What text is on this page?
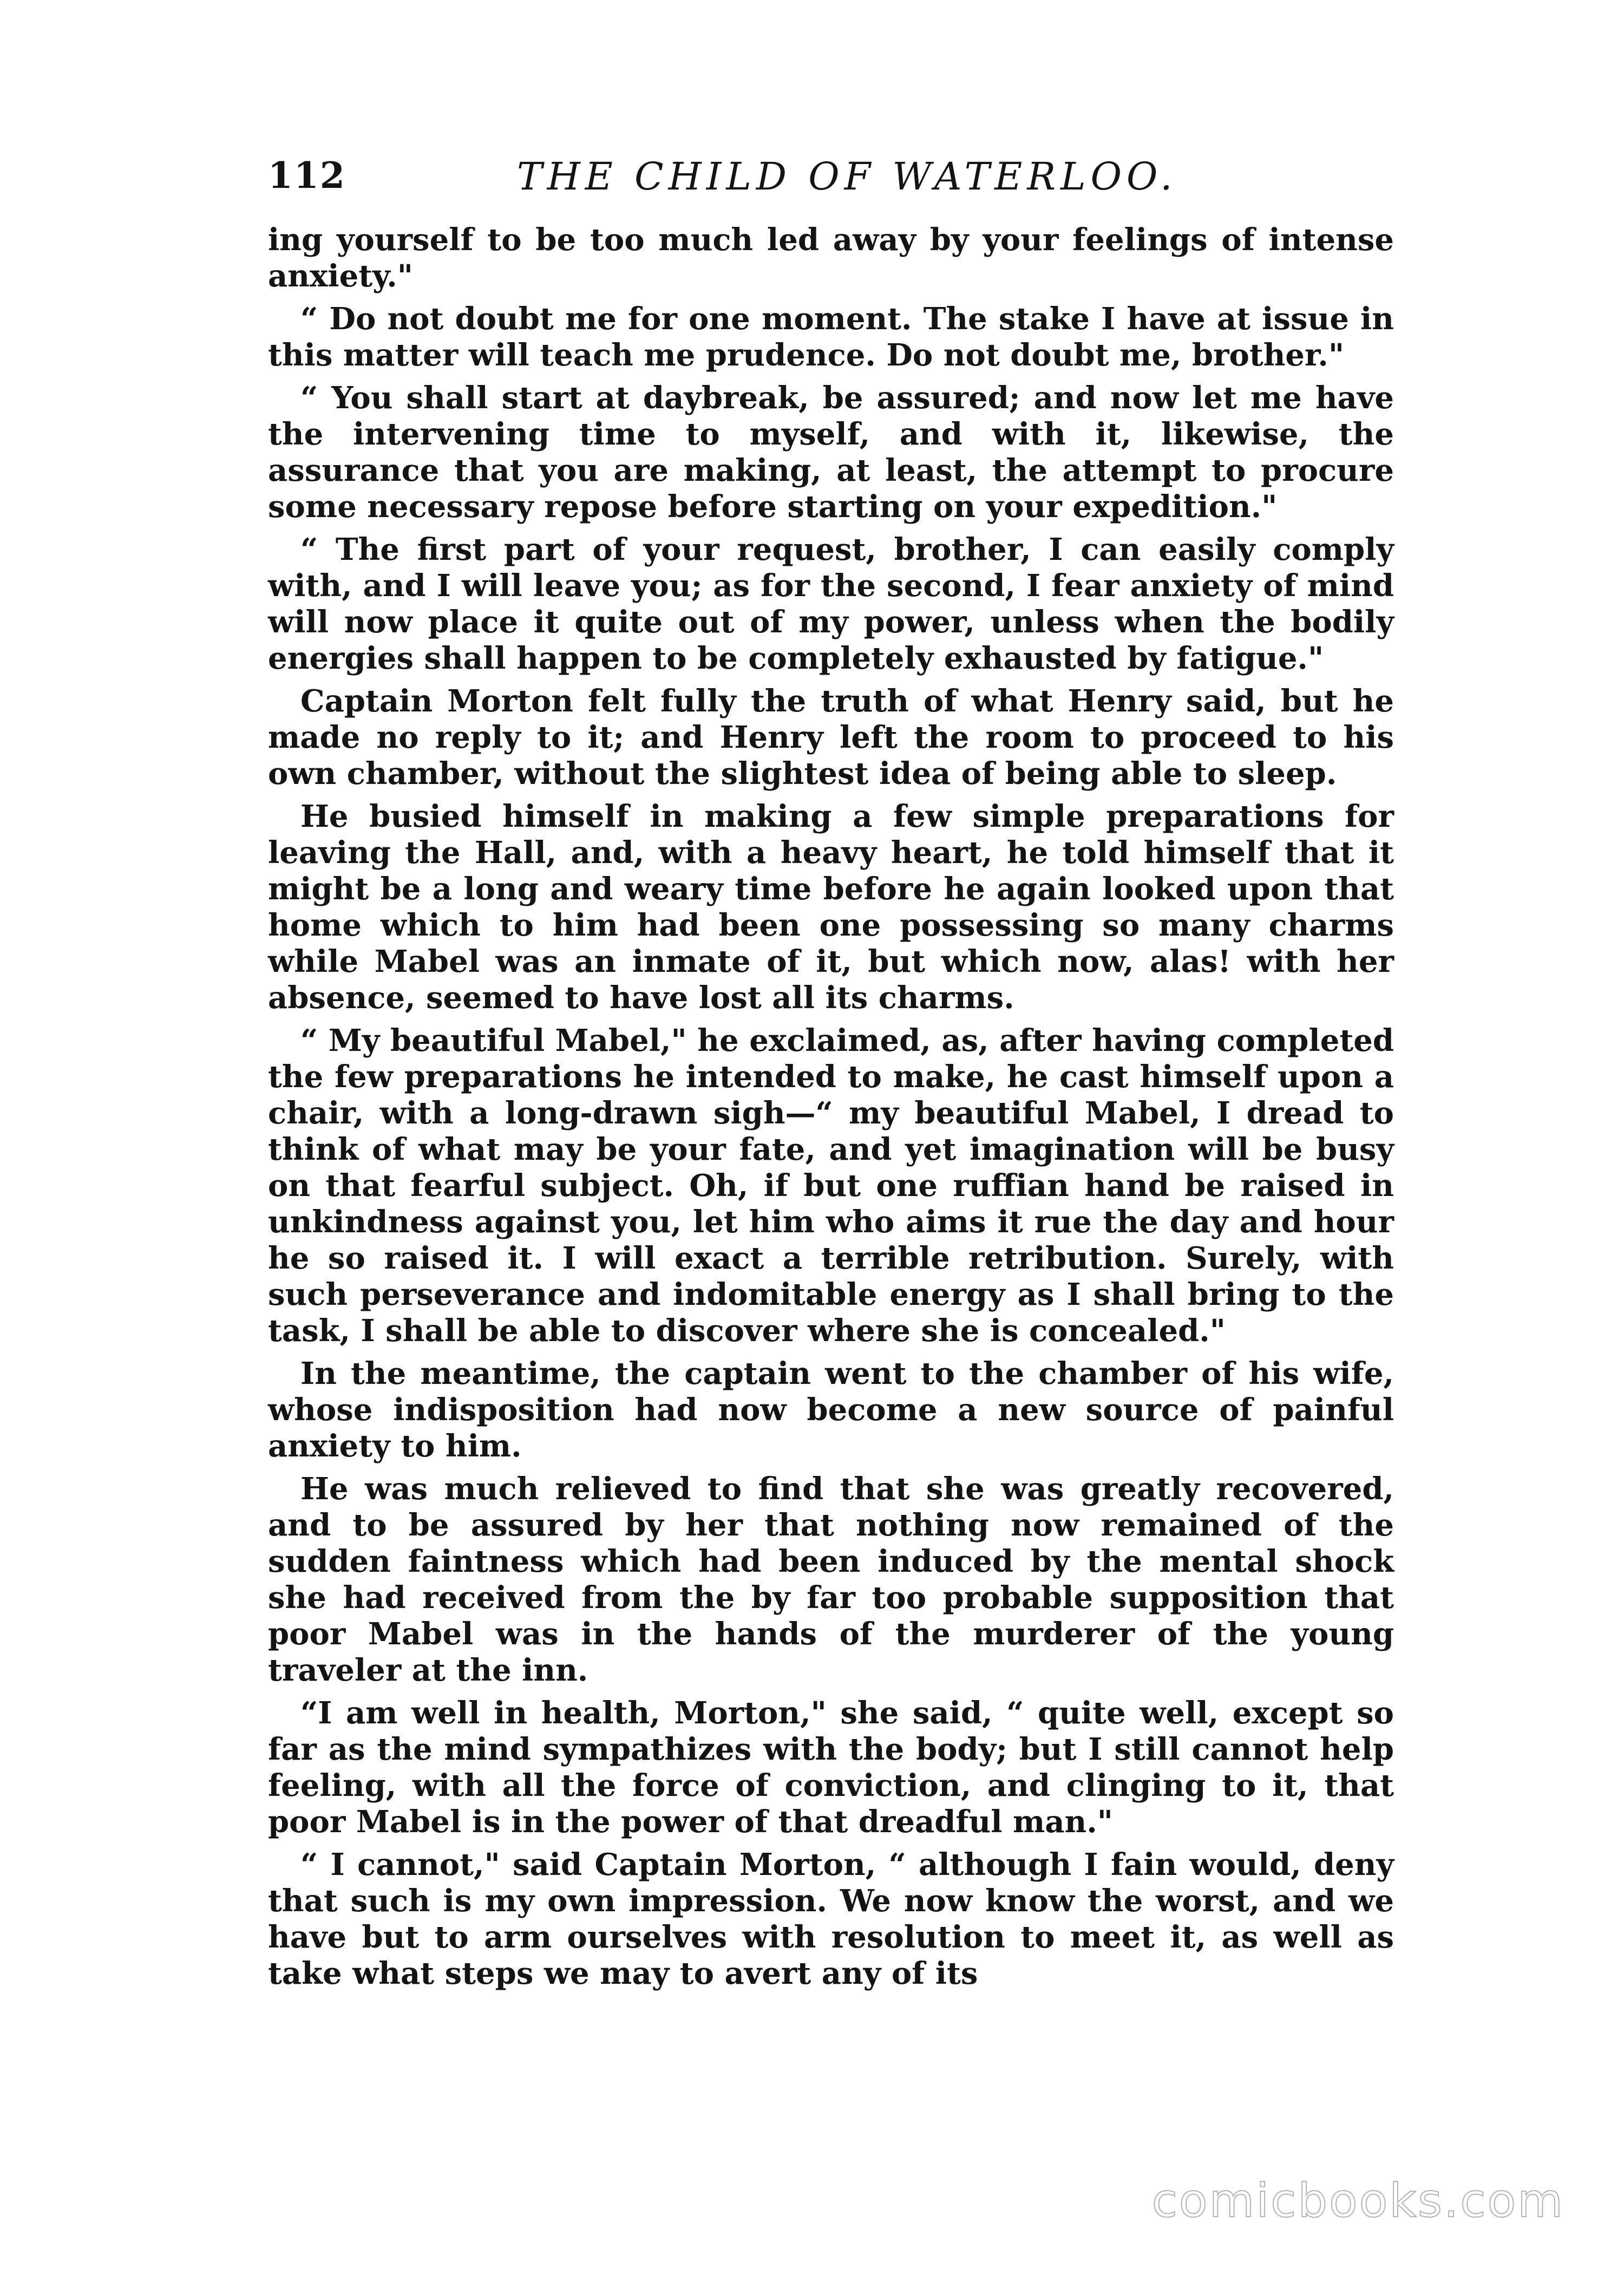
112	THE CHILD OF WATERLOO.

ing yourself to be too much led away by your feelings of intense anxiety."

“ Do not doubt me for one moment. The stake I have at issue in this matter will teach me prudence. Do not doubt me, brother."

“ You shall start at daybreak, be assured; and now let me have the intervening time to myself, and with it, likewise, the assurance that you are making, at least, the attempt to procure some necessary repose before starting on your expedition."

“ The first part of your request, brother, I can easily comply with, and I will leave you; as for the second, I fear anxiety of mind will now place it quite out of my power, unless when the bodily energies shall happen to be completely exhausted by fatigue."

Captain Morton felt fully the truth of what Henry said, but he made no reply to it; and Henry left the room to proceed to his own chamber, without the slightest idea of being able to sleep.

He busied himself in making a few simple preparations for leaving the Hall, and, with a heavy heart, he told himself that it might be a long and weary time before he again looked upon that home which to him had been one possessing so many charms while Mabel was an inmate of it, but which now, alas! with her absence, seemed to have lost all its charms.

“ My beautiful Mabel," he exclaimed, as, after having completed the few preparations he intended to make, he cast himself upon a chair, with a long-drawn sigh—“ my beautiful Mabel, I dread to think of what may be your fate, and yet imagination will be busy on that fearful subject. Oh, if but one ruffian hand be raised in unkindness against you, let him who aims it rue the day and hour he so raised it. I will exact a terrible retribution. Surely, with such perseverance and indomitable energy as I shall bring to the task, I shall be able to discover where she is concealed."

In the meantime, the captain went to the chamber of his wife, whose indisposition had now become a new source of painful anxiety to him.

He was much relieved to find that she was greatly recovered, and to be assured by her that nothing now remained of the sudden faintness which had been induced by the mental shock she had received from the by far too probable supposition that poor Mabel was in the hands of the murderer of the young traveler at the inn.

“I am well in health, Morton," she said, “ quite well, except so far as the mind sympathizes with the body; but I still cannot help feeling, with all the force of conviction, and clinging to it, that poor Mabel is in the power of that dreadful man."

“ I cannot," said Captain Morton, “ although I fain would, deny that such is my own impression. We now know the worst, and we have but to arm ourselves with resolution to meet it, as well as take what steps we may to avert any of its

comicbooks.com
